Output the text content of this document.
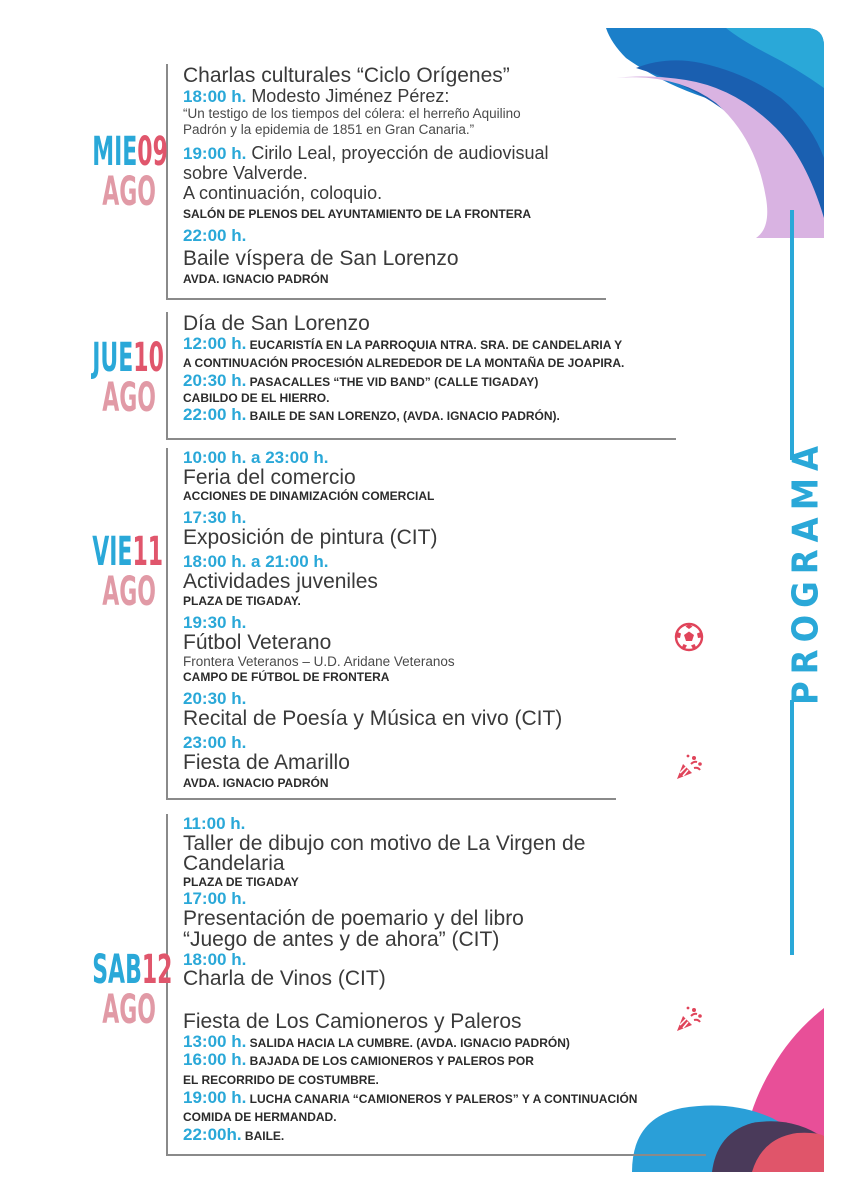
PROGRAMA
MIE09
AGO
Charlas culturales “Ciclo Orígenes”
18:00 h. Modesto Jiménez Pérez:
“Un testigo de los tiempos del cólera: el herreño Aquilino
Padrón y la epidemia de 1851 en Gran Canaria.”
19:00 h. Cirilo Leal, proyección de audiovisual
sobre Valverde.
A continuación, coloquio.
SALÓN DE PLENOS DEL AYUNTAMIENTO DE LA FRONTERA
22:00 h.
Baile víspera de San Lorenzo
AVDA. IGNACIO PADRÓN
JUE10
AGO
Día de San Lorenzo
12:00 h. EUCARISTÍA EN LA PARROQUIA NTRA. SRA. DE CANDELARIA Y
A CONTINUACIÓN PROCESIÓN ALREDEDOR DE LA MONTAÑA DE JOAPIRA.
20:30 h. PASACALLES “THE VID BAND” (CALLE TIGADAY)
CABILDO DE EL HIERRO.
22:00 h. BAILE DE SAN LORENZO, (AVDA. IGNACIO PADRÓN).
VIE11
AGO
10:00 h. a 23:00 h.
Feria del comercio
ACCIONES DE DINAMIZACIÓN COMERCIAL
17:30 h.
Exposición de pintura (CIT)
18:00 h. a 21:00 h.
Actividades juveniles
PLAZA DE TIGADAY.
19:30 h.
Fútbol Veterano
Frontera Veteranos – U.D. Aridane Veteranos
CAMPO DE FÚTBOL DE FRONTERA
20:30 h.
Recital de Poesía y Música en vivo (CIT)
23:00 h.
Fiesta de Amarillo
AVDA. IGNACIO PADRÓN
SAB12
AGO
11:00 h.
Taller de dibujo con motivo de La Virgen de
Candelaria
PLAZA DE TIGADAY
17:00 h.
Presentación de poemario y del libro
“Juego de antes y de ahora” (CIT)
18:00 h.
Charla de Vinos (CIT)
Fiesta de Los Camioneros y Paleros
13:00 h. SALIDA HACIA LA CUMBRE. (AVDA. IGNACIO PADRÓN)
16:00 h. BAJADA DE LOS CAMIONEROS Y PALEROS POR
EL RECORRIDO DE COSTUMBRE.
19:00 h. LUCHA CANARIA “CAMIONEROS Y PALEROS” Y A CONTINUACIÓN
COMIDA DE HERMANDAD.
22:00h. BAILE.
